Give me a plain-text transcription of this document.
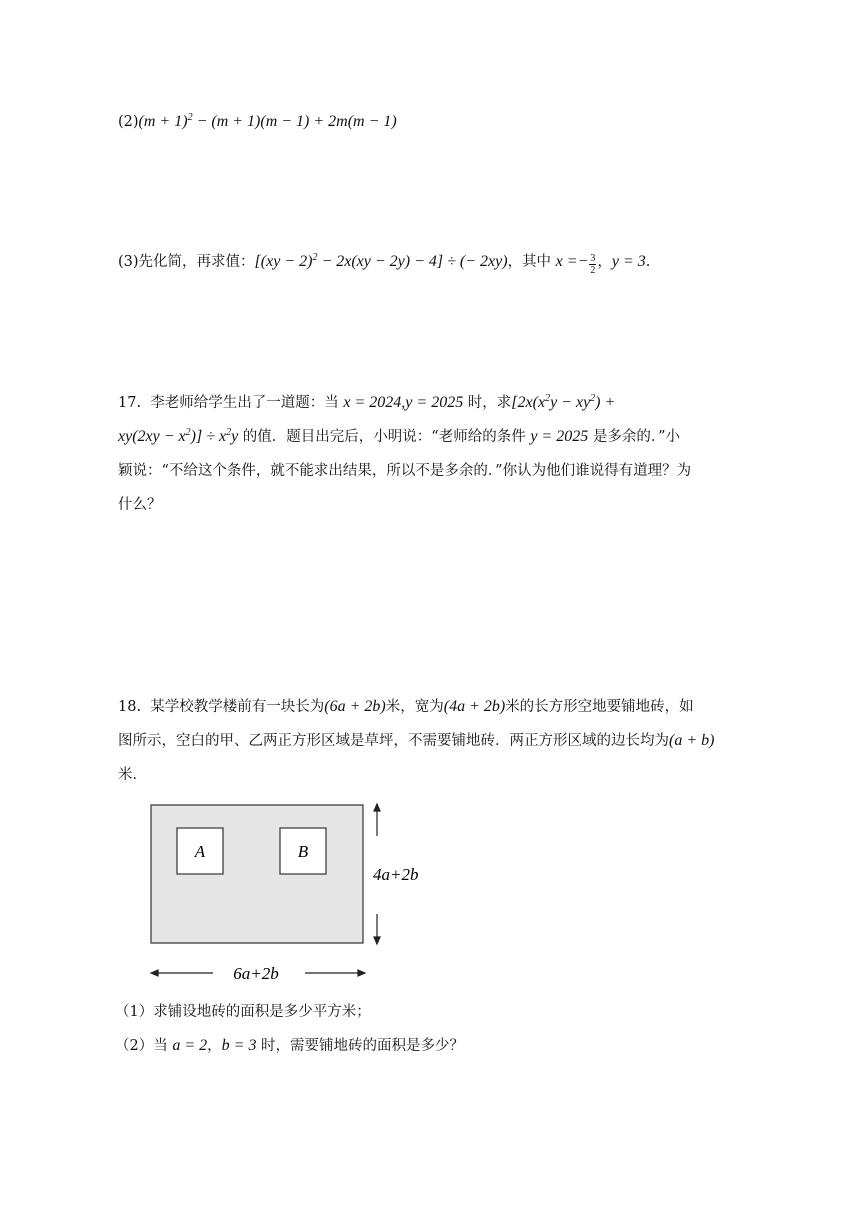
$(2)(m + 1)^2 - (m + 1)(m - 1) + 2m(m - 1)$
(3)先化简，再求值：[(xy − 2)$^2$ − 2x(xy − 2y) − 4] ÷ (− 2xy)，其中 $x =- \frac{3}{2}$ ，y = 3.
17. 李老师给学生出了一道题：当 x = 2024,y = 2025 时，求[$2x(x^2y - xy^2)$ +
$xy(2xy - x^2)] \div x^2y$ 的值．题目出完后，小明说：“老师给的条件 y = 2025 是多余的．”小
颖说：“不给这个条件，就不能求出结果，所以不是多余的．”你认为他们谁说得有道理？为
什么？
18. 某学校教学楼前有一块长为(6a + 2b)米，宽为(4a + 2b)米的长方形空地要铺地砖，如
图所示，空白的甲、乙两正方形区域是草坪，不需要铺地砖．两正方形区域的边长均为(a + b)
米．
A	B
4a+2b
6a+2b
（1）求铺设地砖的面积是多少平方米；
（2）当 a = 2，b = 3 时，需要铺地砖的面积是多少？
